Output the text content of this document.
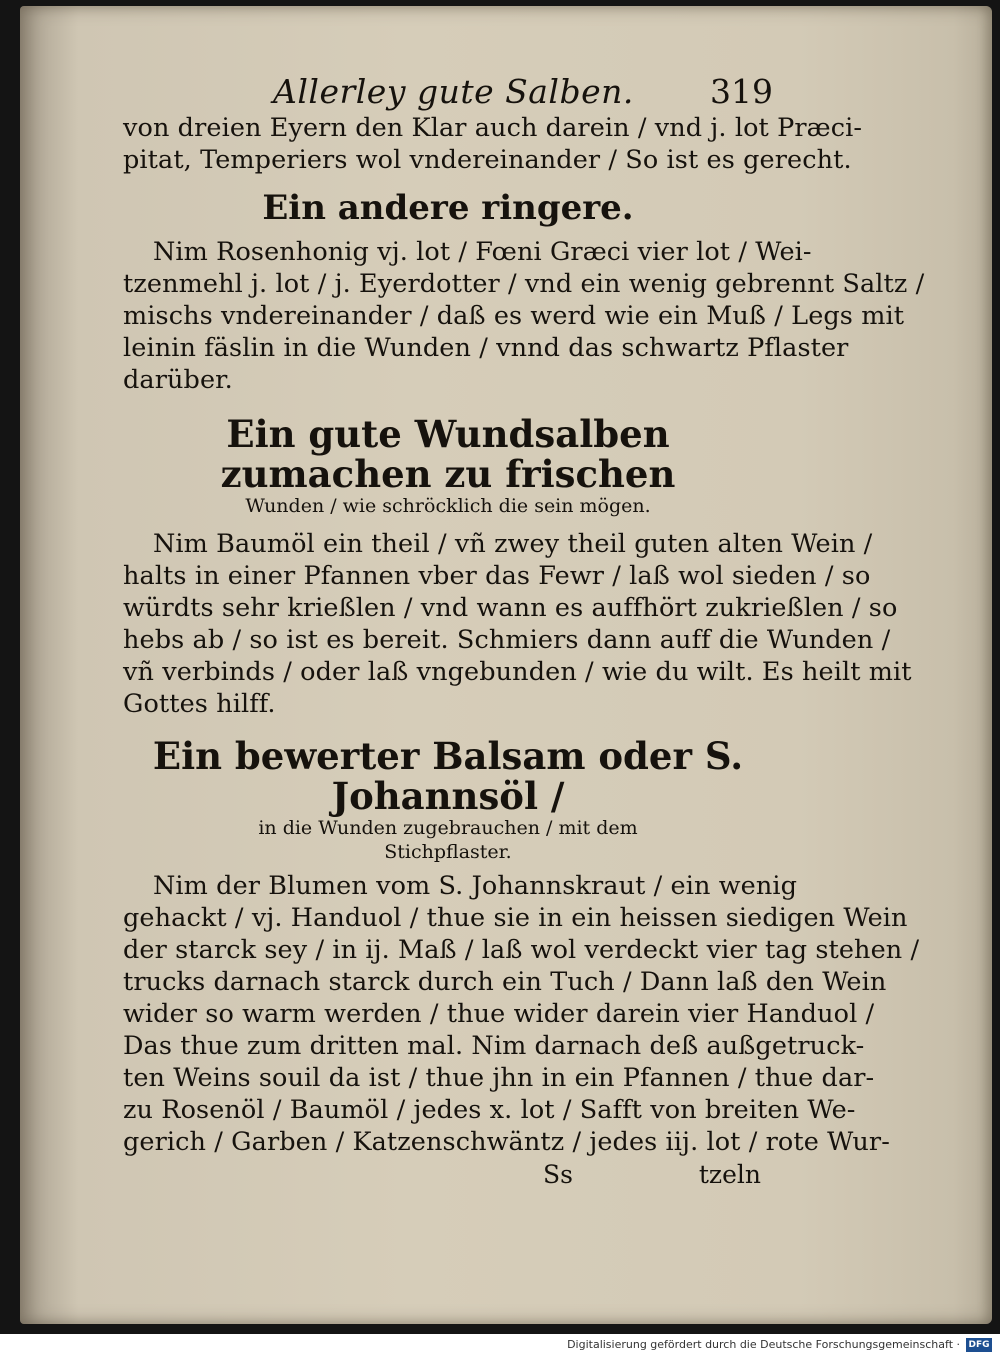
Allerley gute Salben. 319

von dreien Eyern den Klar auch darein / vnd j. lot Præci-
pitat, Temperiers wol vndereinander / So ist es gerecht.

Ein andere ringere.

Nim Rosenhonig vj. lot / Fœni Græci vier lot / Wei-
tzenmehl j. lot / j. Eyerdotter / vnd ein wenig gebrennt Saltz /
mischs vndereinander / daß es werd wie ein Muß / Legs mit
leinin fäslin in die Wunden / vnnd das schwartz Pflaster
darüber.

Ein gute Wundsalben zumachen zu frischen
Wunden / wie schröcklich die sein mögen.

Nim Baumöl ein theil / vñ zwey theil guten alten Wein /
halts in einer Pfannen vber das Fewr / laß wol sieden / so
würdts sehr krießlen / vnd wann es auffhört zukrießlen / so
hebs ab / so ist es bereit. Schmiers dann auff die Wunden /
vñ verbinds / oder laß vngebunden / wie du wilt. Es heilt mit
Gottes hilff.

Ein bewerter Balsam oder S. Johannsöl /
in die Wunden zugebrauchen / mit dem
Stichpflaster.

Nim der Blumen vom S. Johannskraut / ein wenig
gehackt / vj. Handuol / thue sie in ein heissen siedigen Wein
der starck sey / in ij. Maß / laß wol verdeckt vier tag stehen /
trucks darnach starck durch ein Tuch / Dann laß den Wein
wider so warm werden / thue wider darein vier Handuol /
Das thue zum dritten mal. Nim darnach deß außgetruck-
ten Weins souil da ist / thue jhn in ein Pfannen / thue dar-
zu Rosenöl / Baumöl / jedes x. lot / Safft von breiten We-
gerich / Garben / Katzenschwäntz / jedes iij. lot / rote Wur-

Ss	tzeln
Digitalisierung gefördert durch die Deutsche Forschungsgemeinschaft · DFG
